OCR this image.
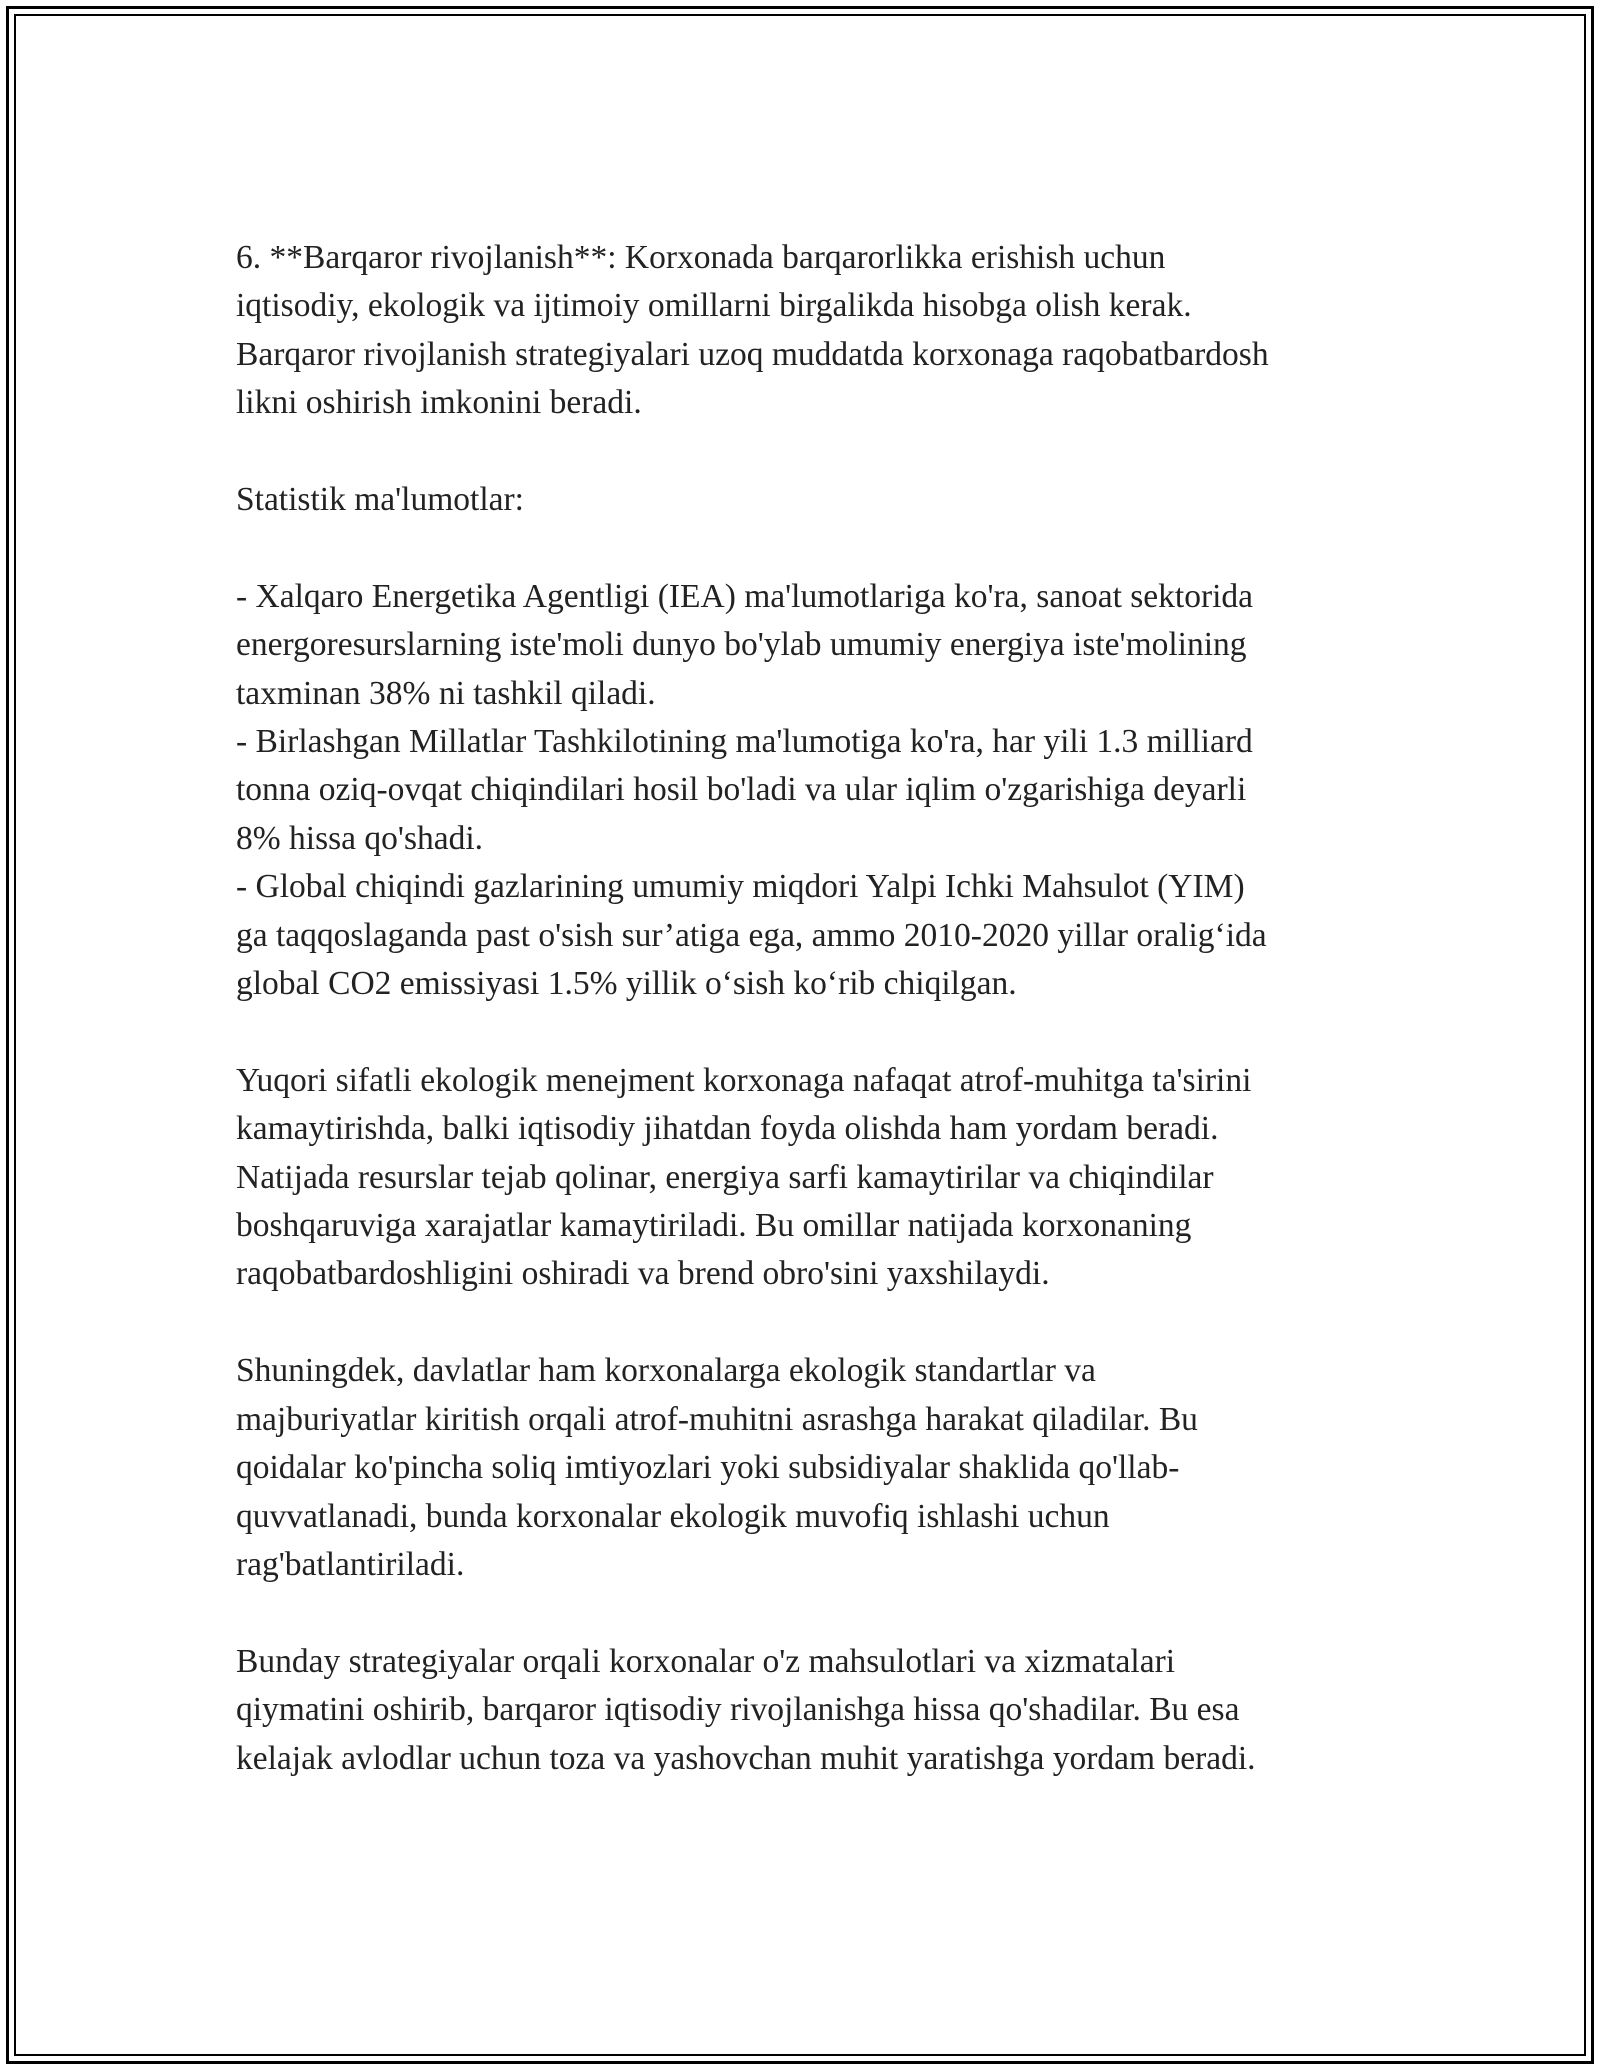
6. **Barqaror rivojlanish**: Korxonada barqarorlikka erishish uchun
iqtisodiy, ekologik va ijtimoiy omillarni birgalikda hisobga olish kerak.
Barqaror rivojlanish strategiyalari uzoq muddatda korxonaga raqobatbardosh
likni oshirish imkonini beradi.

Statistik ma'lumotlar:

- Xalqaro Energetika Agentligi (IEA) ma'lumotlariga ko'ra, sanoat sektorida
energoresurslarning iste'moli dunyo bo'ylab umumiy energiya iste'molining
taxminan 38% ni tashkil qiladi.
- Birlashgan Millatlar Tashkilotining ma'lumotiga ko'ra, har yili 1.3 milliard
tonna oziq-ovqat chiqindilari hosil bo'ladi va ular iqlim o'zgarishiga deyarli
8% hissa qo'shadi.
- Global chiqindi gazlarining umumiy miqdori Yalpi Ichki Mahsulot (YIM)
ga taqqoslaganda past o'sish sur’atiga ega, ammo 2010-2020 yillar oralig‘ida
global CO2 emissiyasi 1.5% yillik o‘sish ko‘rib chiqilgan.

Yuqori sifatli ekologik menejment korxonaga nafaqat atrof-muhitga ta'sirini
kamaytirishda, balki iqtisodiy jihatdan foyda olishda ham yordam beradi.
Natijada resurslar tejab qolinar, energiya sarfi kamaytirilar va chiqindilar
boshqaruviga xarajatlar kamaytiriladi. Bu omillar natijada korxonaning
raqobatbardoshligini oshiradi va brend obro'sini yaxshilaydi.

Shuningdek, davlatlar ham korxonalarga ekologik standartlar va
majburiyatlar kiritish orqali atrof-muhitni asrashga harakat qiladilar. Bu
qoidalar ko'pincha soliq imtiyozlari yoki subsidiyalar shaklida qo'llab-
quvvatlanadi, bunda korxonalar ekologik muvofiq ishlashi uchun
rag'batlantiriladi.

Bunday strategiyalar orqali korxonalar o'z mahsulotlari va xizmatalari
qiymatini oshirib, barqaror iqtisodiy rivojlanishga hissa qo'shadilar. Bu esa
kelajak avlodlar uchun toza va yashovchan muhit yaratishga yordam beradi.
